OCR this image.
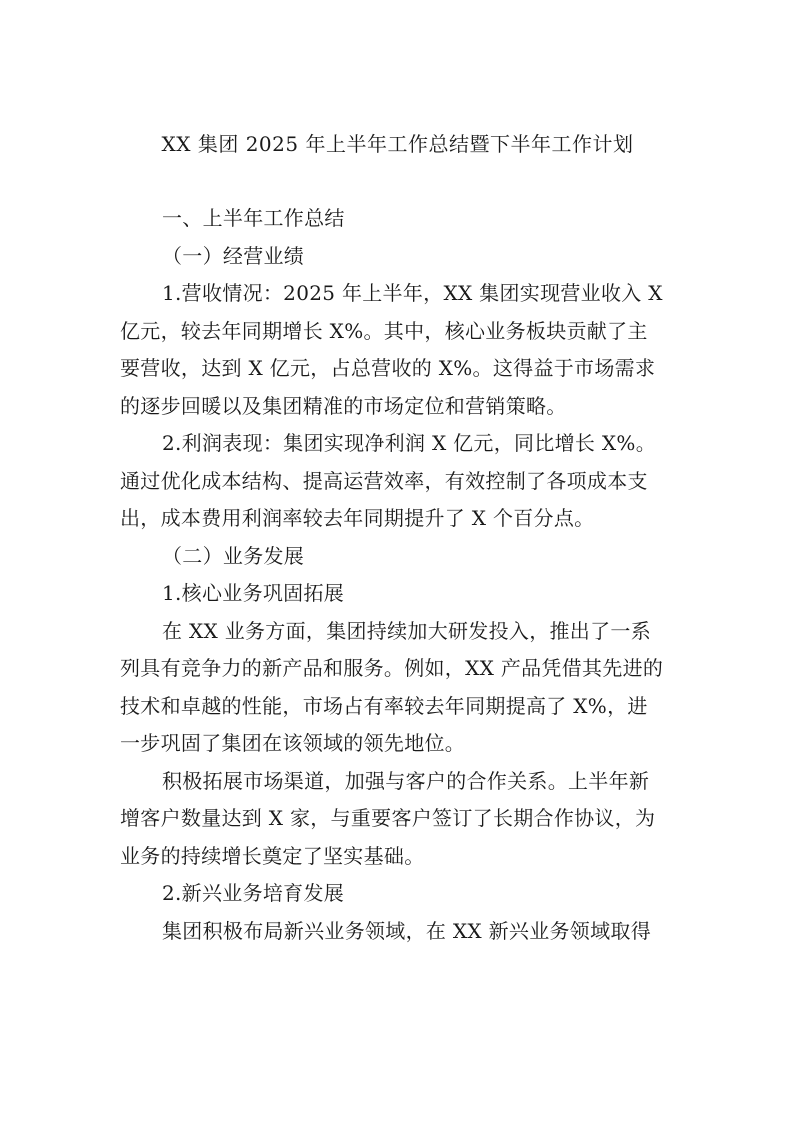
XX 集团 2025 年上半年工作总结暨下半年工作计划

一、上半年工作总结

（一）经营业绩

1.营收情况：2025 年上半年，XX 集团实现营业收入 X

亿元，较去年同期增长 X%。其中，核心业务板块贡献了主

要营收，达到 X 亿元，占总营收的 X%。这得益于市场需求

的逐步回暖以及集团精准的市场定位和营销策略。

2.利润表现：集团实现净利润 X 亿元，同比增长 X%。

通过优化成本结构、提高运营效率，有效控制了各项成本支

出，成本费用利润率较去年同期提升了 X 个百分点。

（二）业务发展

1.核心业务巩固拓展

在 XX 业务方面，集团持续加大研发投入，推出了一系

列具有竞争力的新产品和服务。例如，XX 产品凭借其先进的

技术和卓越的性能，市场占有率较去年同期提高了 X%，进

一步巩固了集团在该领域的领先地位。

积极拓展市场渠道，加强与客户的合作关系。上半年新

增客户数量达到 X 家，与重要客户签订了长期合作协议，为

业务的持续增长奠定了坚实基础。

2.新兴业务培育发展

集团积极布局新兴业务领域，在 XX 新兴业务领域取得
